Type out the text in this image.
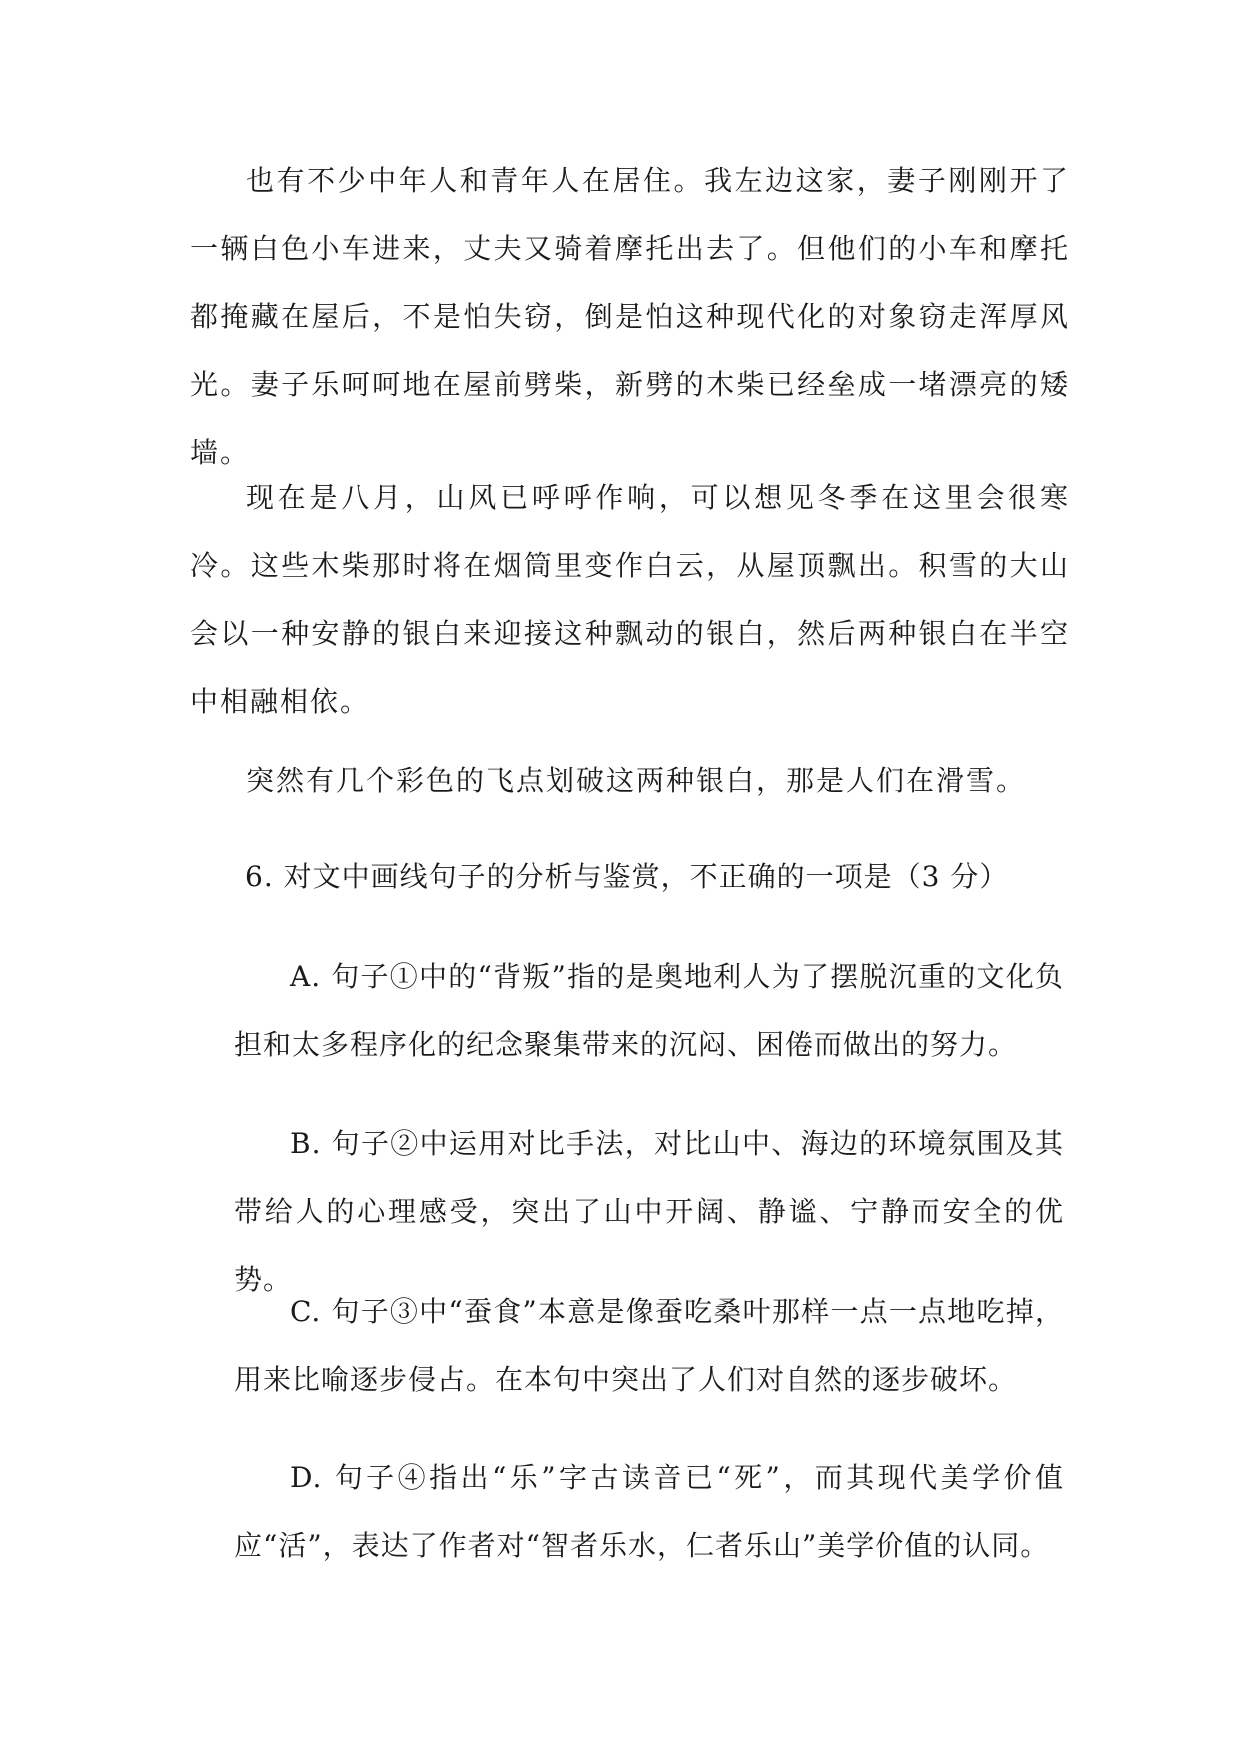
也有不少中年人和青年人在居住。我左边这家，妻子刚刚开了一辆白色小车进来，丈夫又骑着摩托出去了。但他们的小车和摩托都掩藏在屋后，不是怕失窃，倒是怕这种现代化的对象窃走浑厚风光。妻子乐呵呵地在屋前劈柴，新劈的木柴已经垒成一堵漂亮的矮墙。

现在是八月，山风已呼呼作响，可以想见冬季在这里会很寒冷。这些木柴那时将在烟筒里变作白云，从屋顶飘出。积雪的大山会以一种安静的银白来迎接这种飘动的银白，然后两种银白在半空中相融相依。

突然有几个彩色的飞点划破这两种银白，那是人们在滑雪。

6. 对文中画线句子的分析与鉴赏，不正确的一项是（3 分）

A. 句子①中的“背叛”指的是奥地利人为了摆脱沉重的文化负担和太多程序化的纪念聚集带来的沉闷、困倦而做出的努力。

B. 句子②中运用对比手法，对比山中、海边的环境氛围及其带给人的心理感受，突出了山中开阔、静谧、宁静而安全的优势。

C. 句子③中“蚕食”本意是像蚕吃桑叶那样一点一点地吃掉，用来比喻逐步侵占。在本句中突出了人们对自然的逐步破坏。

D. 句子④指出“乐”字古读音已“死”，而其现代美学价值应“活”，表达了作者对“智者乐水，仁者乐山”美学价值的认同。
